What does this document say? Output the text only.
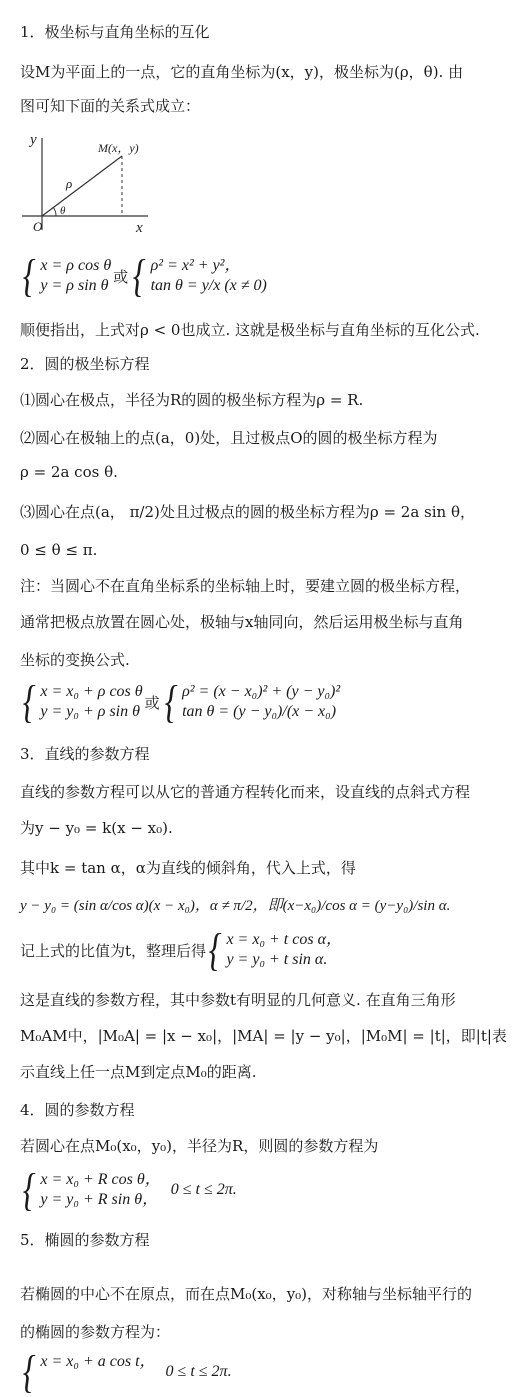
1．极坐标与直角坐标的互化
设M为平面上的一点，它的直角坐标为(x，y)，极坐标为(ρ，θ). 由
图可知下面的关系式成立：
y
x
O
M(x，y)
ρ
θ
{ x = ρ cos θ
y = ρ sin θ 或 { ρ² = x² + y²，
tan θ = y/x (x ≠ 0)
顺便指出，上式对ρ < 0也成立. 这就是极坐标与直角坐标的互化公式.
2．圆的极坐标方程
⑴圆心在极点，半径为R的圆的极坐标方程为ρ = R.
⑵圆心在极轴上的点(a，0)处，且过极点O的圆的极坐标方程为
ρ = 2a cos θ.
⑶圆心在点(a， π/2)处且过极点的圆的极坐标方程为ρ = 2a sin θ，
0 ≤ θ ≤ π.
注：当圆心不在直角坐标系的坐标轴上时，要建立圆的极坐标方程，
通常把极点放置在圆心处，极轴与x轴同向，然后运用极坐标与直角
坐标的变换公式.
{ x = x₀ + ρ cos θ
y = y₀ + ρ sin θ 或 { ρ² = (x − x₀)² + (y − y₀)²
tan θ = (y − y₀)/(x − x₀)
3．直线的参数方程
直线的参数方程可以从它的普通方程转化而来，设直线的点斜式方程
为y − y₀ = k(x − x₀).
其中k = tan α，α为直线的倾斜角，代入上式，得
y − y₀ = (sin α/cos α)(x − x₀)，α ≠ π/2，即(x−x₀)/cos α = (y−y₀)/sin α.
记上式的比值为t，整理后得 { x = x₀ + t cos α，
y = y₀ + t sin α.
这是直线的参数方程，其中参数t有明显的几何意义. 在直角三角形
M₀AM中，|M₀A| = |x − x₀|，|MA| = |y − y₀|，|M₀M| = |t|，即|t|表
示直线上任一点M到定点M₀的距离.
4．圆的参数方程
若圆心在点M₀(x₀，y₀)，半径为R，则圆的参数方程为
{ x = x₀ + R cos θ，
y = y₀ + R sin θ，
0 ≤ t ≤ 2π.
5．椭圆的参数方程
若椭圆的中心不在原点，而在点M₀(x₀，y₀)，对称轴与坐标轴平行的
的椭圆的参数方程为：
{ x = x₀ + a cos t，
0 ≤ t ≤ 2π.
